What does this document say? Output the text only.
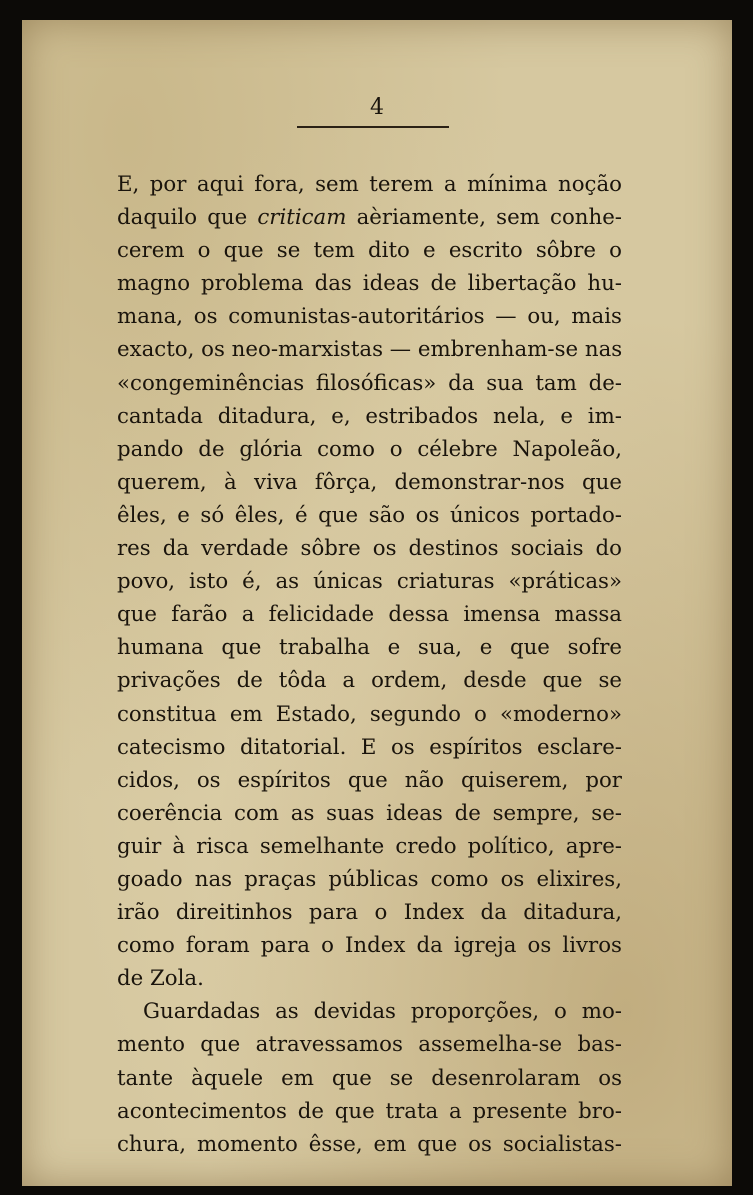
4
E, por aqui fora, sem terem a mínima noção
daquilo que criticam aèriamente, sem conhe-
cerem o que se tem dito e escrito sôbre o
magno problema das ideas de libertação hu-
mana, os comunistas-autoritários — ou, mais
exacto, os neo-marxistas — embrenham-se nas
«congeminências filosóficas» da sua tam de-
cantada ditadura, e, estribados nela, e im-
pando de glória como o célebre Napoleão,
querem, à viva fôrça, demonstrar-nos que
êles, e só êles, é que são os únicos portado-
res da verdade sôbre os destinos sociais do
povo, isto é, as únicas criaturas «práticas»
que farão a felicidade dessa imensa massa
humana que trabalha e sua, e que sofre
privações de tôda a ordem, desde que se
constitua em Estado, segundo o «moderno»
catecismo ditatorial. E os espíritos esclare-
cidos, os espíritos que não quiserem, por
coerência com as suas ideas de sempre, se-
guir à risca semelhante credo político, apre-
goado nas praças públicas como os elixires,
irão direitinhos para o Index da ditadura,
como foram para o Index da igreja os livros
de Zola.
Guardadas as devidas proporções, o mo-
mento que atravessamos assemelha-se bas-
tante àquele em que se desenrolaram os
acontecimentos de que trata a presente bro-
chura, momento êsse, em que os socialistas-
